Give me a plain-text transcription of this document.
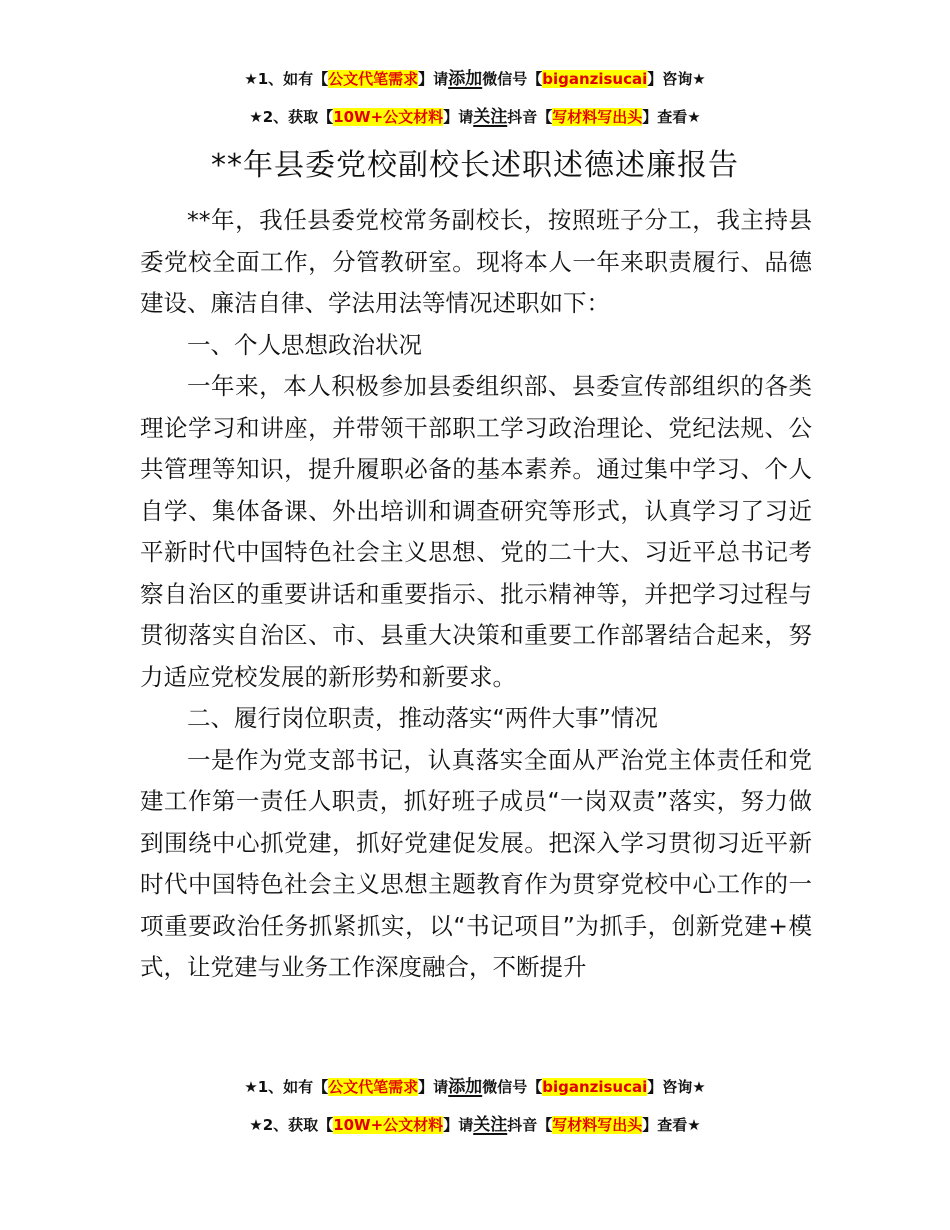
★1、如有【公文代笔需求】请添加微信号【biganzisucai】咨询★
★2、获取【10W+公文材料】请关注抖音【写材料写出头】查看★
**年县委党校副校长述职述德述廉报告

**年，我任县委党校常务副校长，按照班子分工，我主持县委党校全面工作，分管教研室。现将本人一年来职责履行、品德建设、廉洁自律、学法用法等情况述职如下：

一、个人思想政治状况

一年来，本人积极参加县委组织部、县委宣传部组织的各类理论学习和讲座，并带领干部职工学习政治理论、党纪法规、公共管理等知识，提升履职必备的基本素养。通过集中学习、个人自学、集体备课、外出培训和调查研究等形式，认真学习了习近平新时代中国特色社会主义思想、党的二十大、习近平总书记考察自治区的重要讲话和重要指示、批示精神等，并把学习过程与贯彻落实自治区、市、县重大决策和重要工作部署结合起来，努力适应党校发展的新形势和新要求。

二、履行岗位职责，推动落实“两件大事”情况

一是作为党支部书记，认真落实全面从严治党主体责任和党建工作第一责任人职责，抓好班子成员“一岗双责”落实，努力做到围绕中心抓党建，抓好党建促发展。把深入学习贯彻习近平新时代中国特色社会主义思想主题教育作为贯穿党校中心工作的一项重要政治任务抓紧抓实，以“书记项目”为抓手，创新党建+模式，让党建与业务工作深度融合，不断提升

★1、如有【公文代笔需求】请添加微信号【biganzisucai】咨询★
★2、获取【10W+公文材料】请关注抖音【写材料写出头】查看★
